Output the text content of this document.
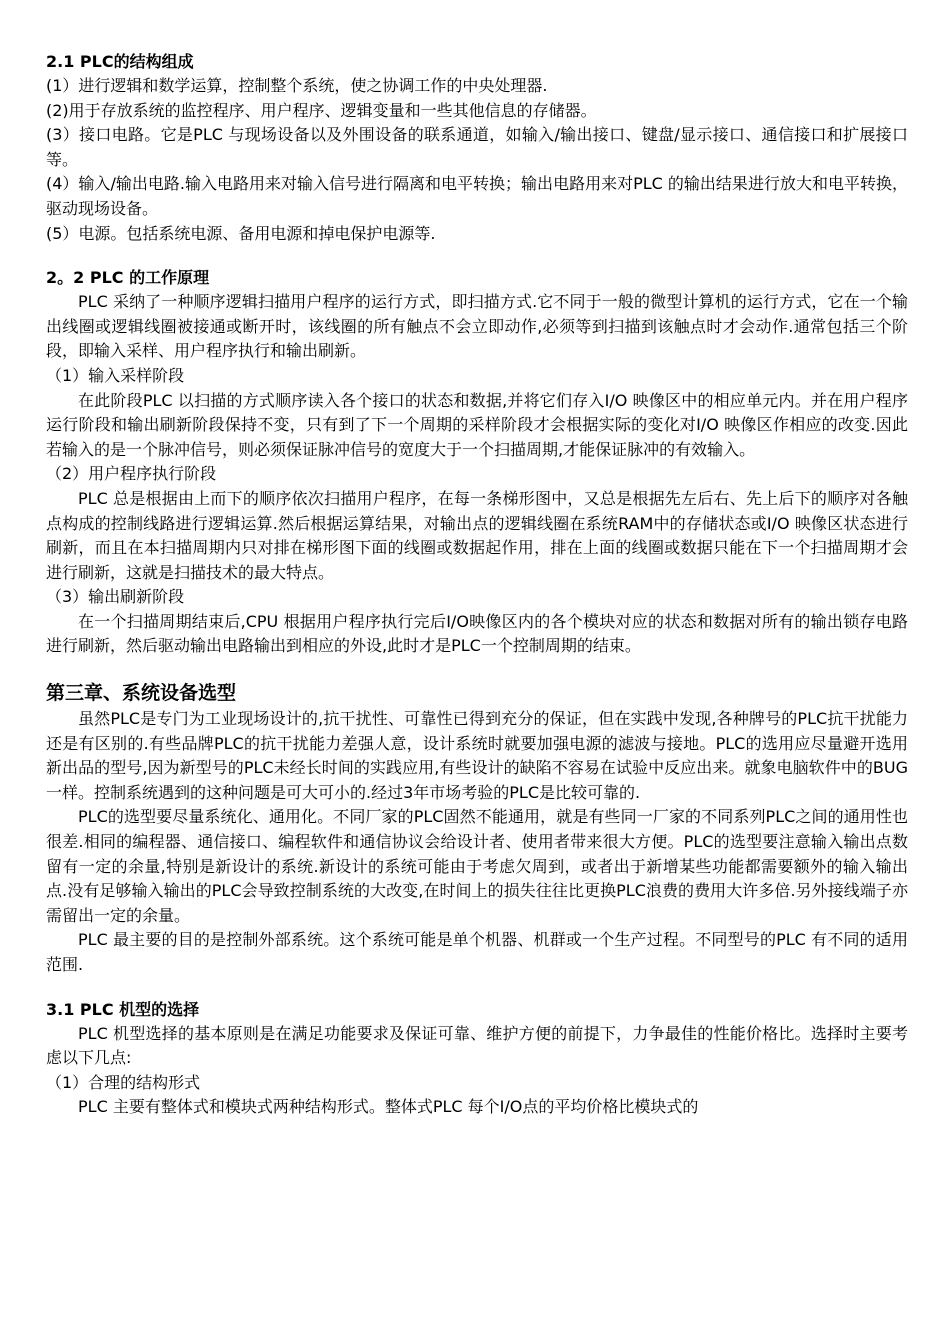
2.1 PLC的结构组成
(1）进行逻辑和数学运算，控制整个系统，使之协调工作的中央处理器.
(2)用于存放系统的监控程序、用户程序、逻辑变量和一些其他信息的存储器。
(3）接口电路。它是PLC 与现场设备以及外围设备的联系通道，如输入/输出接口、键盘/显示接口、通信接口和扩展接口等。
(4）输入/输出电路.输入电路用来对输入信号进行隔离和电平转换；输出电路用来对PLC 的输出结果进行放大和电平转换，驱动现场设备。
(5）电源。包括系统电源、备用电源和掉电保护电源等.
2。2 PLC 的工作原理
PLC 采纳了一种顺序逻辑扫描用户程序的运行方式，即扫描方式.它不同于一般的微型计算机的运行方式，它在一个输出线圈或逻辑线圈被接通或断开时，该线圈的所有触点不会立即动作,必须等到扫描到该触点时才会动作.通常包括三个阶段，即输入采样、用户程序执行和输出刷新。
（1）输入采样阶段
在此阶段PLC 以扫描的方式顺序读入各个接口的状态和数据,并将它们存入I/O 映像区中的相应单元内。并在用户程序运行阶段和输出刷新阶段保持不变，只有到了下一个周期的采样阶段才会根据实际的变化对I/O 映像区作相应的改变.因此若输入的是一个脉冲信号，则必须保证脉冲信号的宽度大于一个扫描周期,才能保证脉冲的有效输入。
（2）用户程序执行阶段
PLC 总是根据由上而下的顺序依次扫描用户程序，在每一条梯形图中，又总是根据先左后右、先上后下的顺序对各触点构成的控制线路进行逻辑运算.然后根据运算结果，对输出点的逻辑线圈在系统RAM中的存储状态或I/O 映像区状态进行刷新，而且在本扫描周期内只对排在梯形图下面的线圈或数据起作用，排在上面的线圈或数据只能在下一个扫描周期才会进行刷新，这就是扫描技术的最大特点。
（3）输出刷新阶段
在一个扫描周期结束后,CPU 根据用户程序执行完后I/O映像区内的各个模块对应的状态和数据对所有的输出锁存电路进行刷新，然后驱动输出电路输出到相应的外设,此时才是PLC一个控制周期的结束。
第三章、系统设备选型
虽然PLC是专门为工业现场设计的,抗干扰性、可靠性已得到充分的保证，但在实践中发现,各种牌号的PLC抗干扰能力还是有区别的.有些品牌PLC的抗干扰能力差强人意，设计系统时就要加强电源的滤波与接地。PLC的选用应尽量避开选用新出品的型号,因为新型号的PLC未经长时间的实践应用,有些设计的缺陷不容易在试验中反应出来。就象电脑软件中的BUG一样。控制系统遇到的这种问题是可大可小的.经过3年市场考验的PLC是比较可靠的.
PLC的选型要尽量系统化、通用化。不同厂家的PLC固然不能通用，就是有些同一厂家的不同系列PLC之间的通用性也很差.相同的编程器、通信接口、编程软件和通信协议会给设计者、使用者带来很大方便。PLC的选型要注意输入输出点数留有一定的余量,特别是新设计的系统.新设计的系统可能由于考虑欠周到，或者出于新增某些功能都需要额外的输入输出点.没有足够输入输出的PLC会导致控制系统的大改变,在时间上的损失往往比更换PLC浪费的费用大许多倍.另外接线端子亦需留出一定的余量。
PLC 最主要的目的是控制外部系统。这个系统可能是单个机器、机群或一个生产过程。不同型号的PLC 有不同的适用范围.
3.1 PLC 机型的选择
PLC 机型选择的基本原则是在满足功能要求及保证可靠、维护方便的前提下，力争最佳的性能价格比。选择时主要考虑以下几点:
（1）合理的结构形式
PLC 主要有整体式和模块式两种结构形式。整体式PLC 每个I/O点的平均价格比模块式的
